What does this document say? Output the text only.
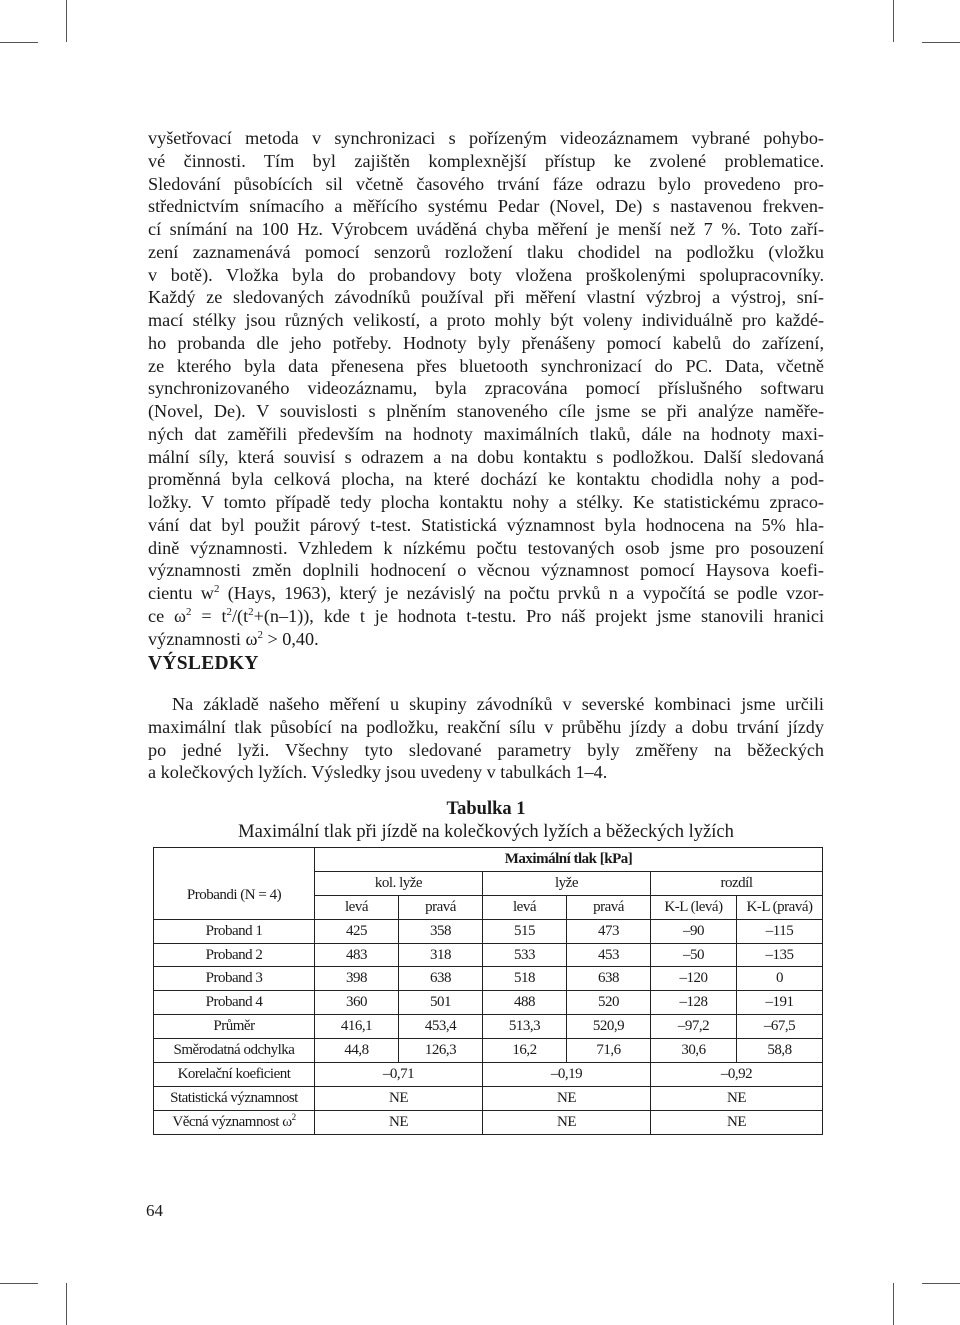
vyšetřovací metoda v synchronizaci s pořízeným videozáznamem vybrané pohybo-
vé činnosti. Tím byl zajištěn komplexnější přístup ke zvolené problematice.
Sledování působících sil včetně časového trvání fáze odrazu bylo provedeno pro-
střednictvím snímacího a měřícího systému Pedar (Novel, De) s nastavenou frekven-
cí snímání na 100 Hz. Výrobcem uváděná chyba měření je menší než 7 %. Toto zaří-
zení zaznamenává pomocí senzorů rozložení tlaku chodidel na podložku (vložku
v botě). Vložka byla do probandovy boty vložena proškolenými spolupracovníky.
Každý ze sledovaných závodníků používal při měření vlastní výzbroj a výstroj, sní-
mací stélky jsou různých velikostí, a proto mohly být voleny individuálně pro každé-
ho probanda dle jeho potřeby. Hodnoty byly přenášeny pomocí kabelů do zařízení,
ze kterého byla data přenesena přes bluetooth synchronizací do PC. Data, včetně
synchronizovaného videozáznamu, byla zpracována pomocí příslušného softwaru
(Novel, De). V souvislosti s plněním stanoveného cíle jsme se při analýze naměře-
ných dat zaměřili především na hodnoty maximálních tlaků, dále na hodnoty maxi-
mální síly, která souvisí s odrazem a na dobu kontaktu s podložkou. Další sledovaná
proměnná byla celková plocha, na které dochází ke kontaktu chodidla nohy a pod-
ložky. V tomto případě tedy plocha kontaktu nohy a stélky. Ke statistickému zpraco-
vání dat byl použit párový t-test. Statistická významnost byla hodnocena na 5% hla-
dině významnosti. Vzhledem k nízkému počtu testovaných osob jsme pro posouzení
významnosti změn doplnili hodnocení o věcnou významnost pomocí Haysova koefi-
cientu $w^2$ (Hays, 1963), který je nezávislý na počtu prvků n a vypočítá se podle vzor-
ce $\omega^2 = t^2/(t^2+(n-1))$, kde t je hodnota t-testu. Pro náš projekt jsme stanovili hranici
významnosti $\omega^2 > 0,40$.
VÝSLEDKY
Na základě našeho měření u skupiny závodníků v severské kombinaci jsme určili
maximální tlak působící na podložku, reakční sílu v průběhu jízdy a dobu trvání jízdy
po jedné lyži. Všechny tyto sledované parametry byly změřeny na běžeckých
a kolečkových lyžích. Výsledky jsou uvedeny v tabulkách 1–4.
Tabulka 1
Maximální tlak při jízdě na kolečkových lyžích a běžeckých lyžích
	Maximální tlak [kPa]					
Probandi (N = 4)	kol. lyže		lyže		rozdíl	
	levá	pravá	levá	pravá	K-L (levá)	K-L (pravá)
Proband 1	425	358	515	473	–90	–115
Proband 2	483	318	533	453	–50	–135
Proband 3	398	638	518	638	–120	0
Proband 4	360	501	488	520	–128	–191
Průměr	416,1	453,4	513,3	520,9	–97,2	–67,5
Směrodatná odchylka	44,8	126,3	16,2	71,6	30,6	58,8
Korelační koeficient	–0,71		–0,19		–0,92	
Statistická významnost	NE		NE		NE	
Věcná významnost $\omega^2$	NE		NE		NE	
64
